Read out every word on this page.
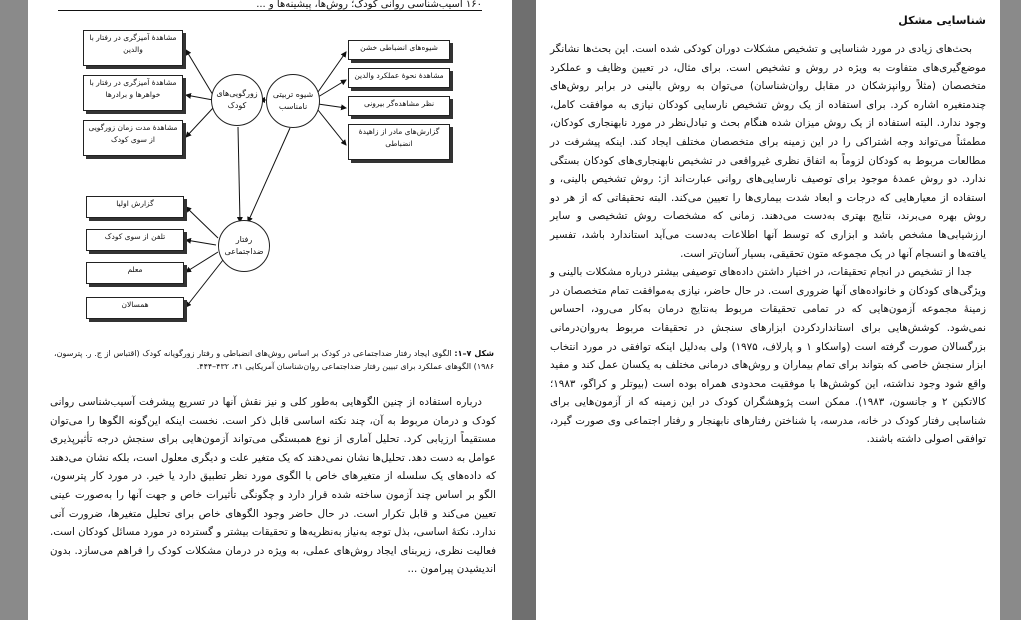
۱۶۰ آسیب‌شناسی روانی کودک؛ روش‌ها، پیشینه‌ها و ...
مشاهدهٔ آمیزگری در رفتار با والدین
مشاهدهٔ آمیزگری در رفتار با خواهرها و برادرها
مشاهدهٔ مدت زمان زورگویی از سوی کودک
زورگویی‌های کودک
شیوه تربیتی نامناسب
شیوه‌های انضباطی خشن
مشاهدهٔ نحوهٔ عملکرد والدین
نظر مشاهده‌گر بیرونی
گزارش‌های مادر از زاهیدهٔ انضباطی
رفتار ضداجتماعی
گزارش اولیا
تلفن از سوی کودک
معلم
همسالان
شکل ۷–۱: الگوی ایجاد رفتار ضداجتماعی در کودک بر اساس روش‌های انضباطی و رفتار زورگویانه کودک (اقتباس از ج. ر. پترسون، ۱۹۸۶) الگوهای عملکرد برای تبیین رفتار ضداجتماعی روان‌شناسان آمریکایی ۴۱، ۴۳۲–۴۴۴.

درباره استفاده از چنین الگوهایی به‌طور کلی و نیز نقش آنها در تسریع پیشرفت آسیب‌شناسی روانی کودک و درمان مربوط به آن، چند نکته اساسی قابل ذکر است. نخست اینکه این‌گونه الگوها را می‌توان مستقیماً ارزیابی کرد. تحلیل آماری از نوع همبستگی می‌تواند آزمون‌هایی برای سنجش درجه تأثیرپذیری عوامل به دست دهد. تحلیل‌ها نشان نمی‌دهند که یک متغیر علت و دیگری معلول است، بلکه نشان می‌دهند که داده‌های یک سلسله از متغیرهای خاص با الگوی مورد نظر تطبیق دارد یا خیر. در مورد کار پترسون، الگو بر اساس چند آزمون ساخته شده قرار دارد و چگونگی تأثیرات خاص و جهت آنها را به‌صورت عینی تعیین می‌کند و قابل تکرار است. در حال حاضر وجود الگوهای خاص برای تحلیل متغیرها، ضرورت آنی ندارد. نکتهٔ اساسی، بذل توجه به‌نیاز به‌نظریه‌ها و تحقیقات بیشتر و گسترده در مورد مسائل کودکان است. فعالیت نظری، زیربنای ایجاد روش‌های عملی، به ویژه در درمان مشکلات کودک را فراهم می‌سازد. بدون اندیشیدن پیرامون ...

شناسایی مشکل

بحث‌های زیادی در مورد شناسایی و تشخیص مشکلات دوران کودکی شده است. این بحث‌ها نشانگر موضع‌گیری‌های متفاوت به ویژه در روش و تشخیص است. برای مثال، در تعیین وظایف و عملکرد متخصصان (مثلاً روانپزشکان در مقابل روان‌شناسان) می‌توان به روش بالینی در برابر روش‌های چندمتغیره اشاره کرد. برای استفاده از یک روش تشخیص نارسایی کودکان نیازی به موافقت کامل، وجود ندارد. البته استفاده از یک روش میزان شده هنگام بحث و تبادل‌نظر در مورد نابهنجاری کودکان، مطمئناً می‌تواند وجه اشتراکی را در این زمینه برای متخصصان مختلف ایجاد کند. اینکه پیشرفت در مطالعات مربوط به کودکان لزوماً به اتفاق نظری غیرواقعی در تشخیص نابهنجاری‌های کودکان بستگی ندارد. دو روش عمدهٔ موجود برای توصیف نارسایی‌های روانی عبارت‌اند از: روش تشخیص بالینی، و استفاده از معیارهایی که درجات و ابعاد شدت بیماری‌ها را تعیین می‌کند. البته تحقیقاتی که از هر دو روش بهره می‌برند، نتایج بهتری به‌دست می‌دهند. زمانی که مشخصات روش تشخیصی و سایر ارزشیابی‌ها مشخص باشد و ابزاری که توسط آنها اطلاعات به‌دست می‌آید استاندارد باشد، تفسیر یافته‌ها و انسجام آنها در یک مجموعه متون تحقیقی، بسیار آسان‌تر است.

جدا از تشخیص در انجام تحقیقات، در اختیار داشتن داده‌های توصیفی بیشتر درباره مشکلات بالینی و ویژگی‌های کودکان و خانواده‌های آنها ضروری است. در حال حاضر، نیازی به‌موافقت تمام متخصصان در زمینهٔ مجموعه آزمون‌هایی که در تمامی تحقیقات مربوط به‌نتایج درمان به‌کار می‌رود، احساس نمی‌شود. کوشش‌هایی برای استانداردکردن ابزارهای سنجش در تحقیقات مربوط به‌روان‌درمانی بزرگسالان صورت گرفته است (واسکاو ۱ و پارلاف، ۱۹۷۵) ولی به‌دلیل اینکه توافقی در مورد انتخاب ابزار سنجش خاصی که بتواند برای تمام بیماران و روش‌های درمانی مختلف به یکسان عمل کند و مفید واقع شود وجود نداشته، این کوشش‌ها با موفقیت محدودی همراه بوده است (بیوتلر و کراگو، ۱۹۸۳؛ کالاتکین ۲ و جانسون، ۱۹۸۳). ممکن است پژوهشگران کودک در این زمینه که از آزمون‌هایی برای شناسایی رفتار کودک در خانه، مدرسه، یا شناختن رفتارهای نابهنجار و رفتار اجتماعی وی صورت گیرد، توافقی اصولی داشته باشند.
